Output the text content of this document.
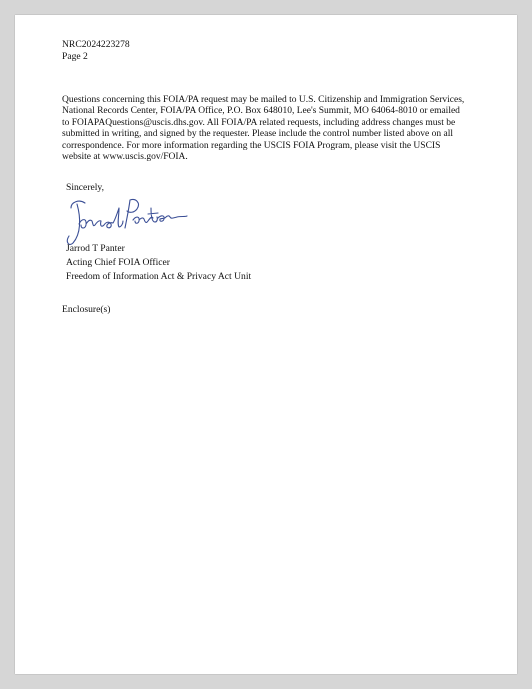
NRC2024223278
Page 2
Questions concerning this FOIA/PA request may be mailed to U.S. Citizenship and Immigration Services,
National Records Center, FOIA/PA Office, P.O. Box 648010, Lee's Summit, MO 64064-8010 or emailed
to FOIAPAQuestions@uscis.dhs.gov. All FOIA/PA related requests, including address changes must be
submitted in writing, and signed by the requester. Please include the control number listed above on all
correspondence. For more information regarding the USCIS FOIA Program, please visit the USCIS
website at www.uscis.gov/FOIA.
Sincerely,
Jarrod T Panter
Acting Chief FOIA Officer
Freedom of Information Act & Privacy Act Unit
Enclosure(s)
